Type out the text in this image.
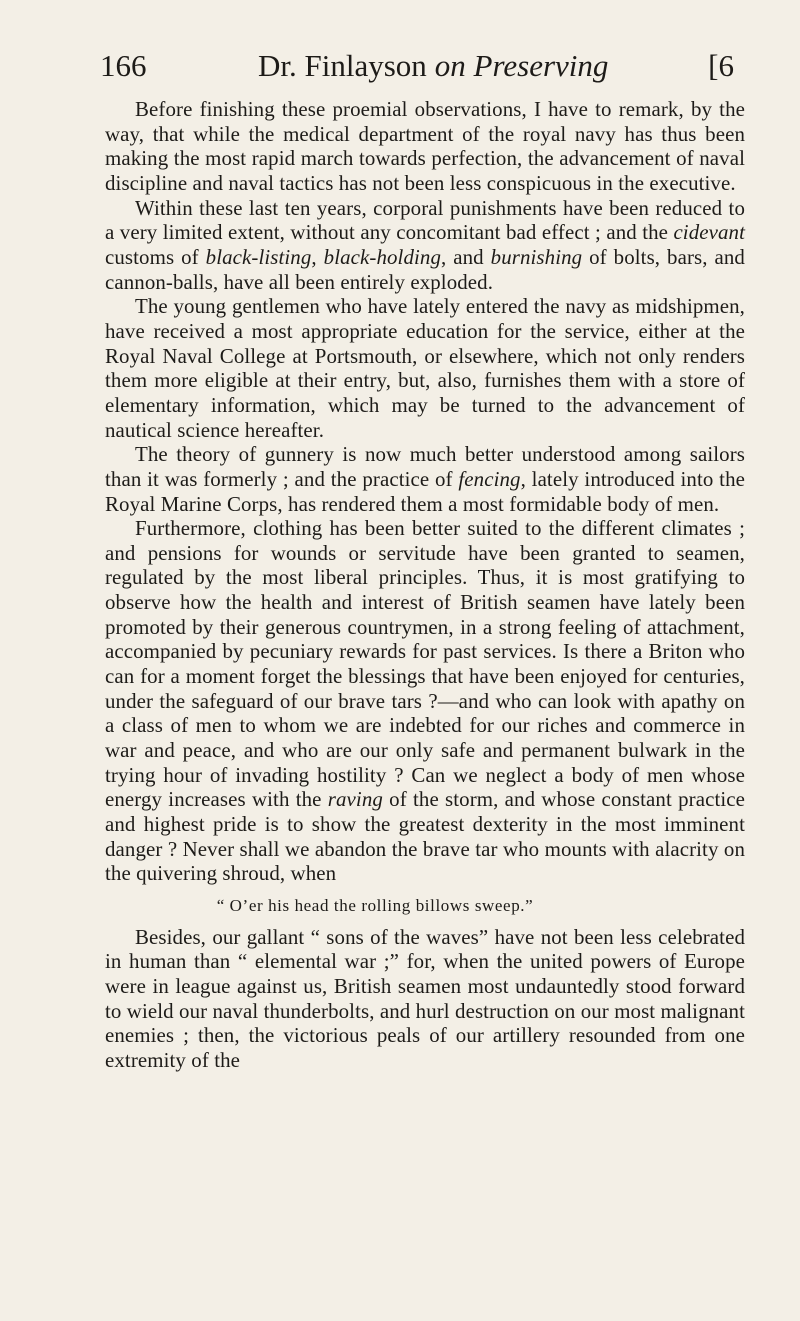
166	Dr. Finlayson on Preserving	[6

Before finishing these proemial observations, I have to remark, by the way, that while the medical department of the royal navy has thus been making the most rapid march towards perfection, the advancement of naval discipline and naval tactics has not been less conspicuous in the executive.

Within these last ten years, corporal punishments have been reduced to a very limited extent, without any concomitant bad effect ; and the cidevant customs of black-listing, black-holding, and burnishing of bolts, bars, and cannon-balls, have all been entirely exploded.

The young gentlemen who have lately entered the navy as midshipmen, have received a most appropriate education for the service, either at the Royal Naval College at Portsmouth, or elsewhere, which not only renders them more eligible at their entry, but, also, furnishes them with a store of elementary information, which may be turned to the advancement of nautical science hereafter.

The theory of gunnery is now much better understood among sailors than it was formerly ; and the practice of fencing, lately introduced into the Royal Marine Corps, has rendered them a most formidable body of men.

Furthermore, clothing has been better suited to the different climates ; and pensions for wounds or servitude have been granted to seamen, regulated by the most liberal principles. Thus, it is most gratifying to observe how the health and interest of British seamen have lately been promoted by their generous countrymen, in a strong feeling of attachment, accompanied by pecuniary rewards for past services. Is there a Briton who can for a moment forget the blessings that have been enjoyed for centuries, under the safeguard of our brave tars ?—and who can look with apathy on a class of men to whom we are indebted for our riches and commerce in war and peace, and who are our only safe and permanent bulwark in the trying hour of invading hostility ? Can we neglect a body of men whose energy increases with the raving of the storm, and whose constant practice and highest pride is to show the greatest dexterity in the most imminent danger ? Never shall we abandon the brave tar who mounts with alacrity on the quivering shroud, when

“ O’er his head the rolling billows sweep.”

Besides, our gallant “ sons of the waves” have not been less celebrated in human than “ elemental war ;” for, when the united powers of Europe were in league against us, British seamen most undauntedly stood forward to wield our naval thunderbolts, and hurl destruction on our most malignant enemies ; then, the victorious peals of our artillery resounded from one extremity of the
